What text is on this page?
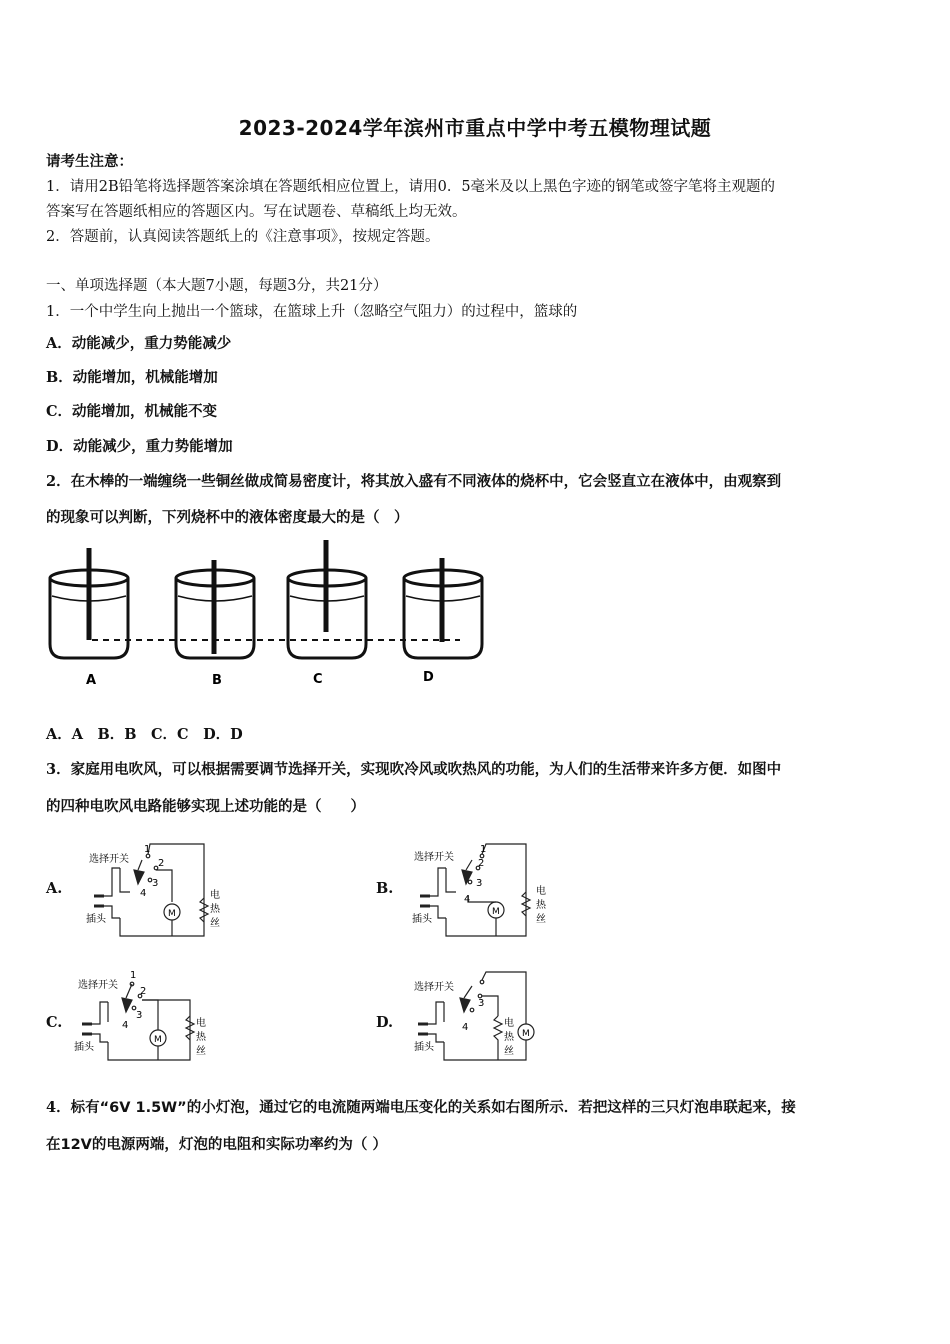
2023-2024学年滨州市重点中学中考五模物理试题
请考生注意：
1．请用2B铅笔将选择题答案涂填在答题纸相应位置上，请用0．5毫米及以上黑色字迹的钢笔或签字笔将主观题的
答案写在答题纸相应的答题区内。写在试题卷、草稿纸上均无效。
2．答题前，认真阅读答题纸上的《注意事项》，按规定答题。
一、单项选择题（本大题7小题，每题3分，共21分）
1．一个中学生向上抛出一个篮球，在篮球上升（忽略空气阻力）的过程中，篮球的
A．动能减少，重力势能减少
B．动能增加，机械能增加
C．动能增加，机械能不变
D．动能减少，重力势能增加
2．在木棒的一端缠绕一些铜丝做成简易密度计，将其放入盛有不同液体的烧杯中，它会竖直立在液体中，由观察到
的现象可以判断，下列烧杯中的液体密度最大的是（　）
A	B	C	D
A．A　B．B　C．C　D．D
3．家庭用电吹风，可以根据需要调节选择开关，实现吹冷风或吹热风的功能，为人们的生活带来许多方便．如图中
的四种电吹风电路能够实现上述功能的是（　　）
A.
选择开关
1
2
3
4
M
插头
电
热
丝
B.
选择开关
1
2
3
4
M
插头
电
热
丝
C.
选择开关
1
2
3
4
M
插头
电
热
丝
D.
选择开关
3
4
M
插头
电
热
丝
4．标有“6V 1.5W”的小灯泡，通过它的电流随两端电压变化的关系如右图所示．若把这样的三只灯泡串联起来，接
在12V的电源两端，灯泡的电阻和实际功率约为（ ）
